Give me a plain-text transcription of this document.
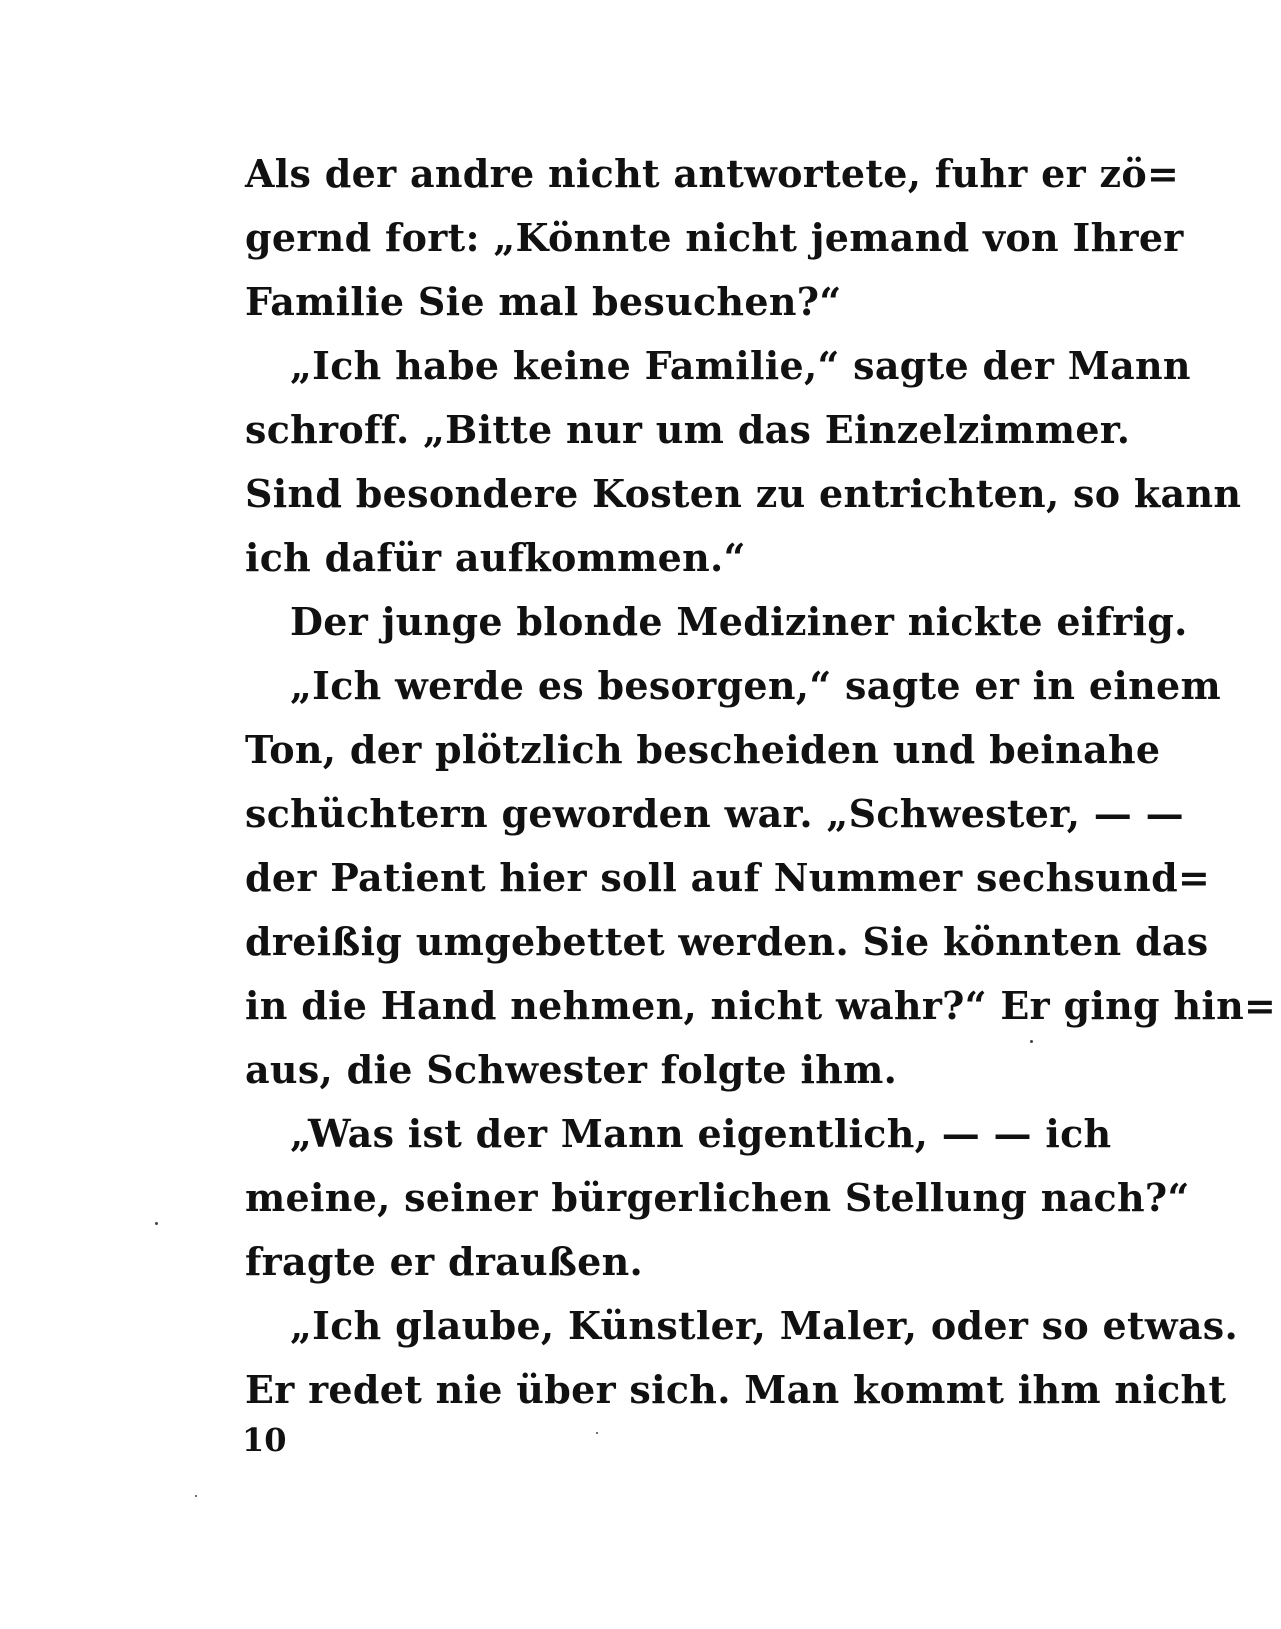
Als der andre nicht antwortete, fuhr er zö=
gernd fort: „Könnte nicht jemand von Ihrer
Familie Sie mal besuchen?“
„Ich habe keine Familie,“ sagte der Mann
schroff. „Bitte nur um das Einzelzimmer.
Sind besondere Kosten zu entrichten, so kann
ich dafür aufkommen.“
Der junge blonde Mediziner nickte eifrig.
„Ich werde es besorgen,“ sagte er in einem
Ton, der plötzlich bescheiden und beinahe
schüchtern geworden war. „Schwester, — —
der Patient hier soll auf Nummer sechsund=
dreißig umgebettet werden. Sie könnten das
in die Hand nehmen, nicht wahr?“ Er ging hin=
aus, die Schwester folgte ihm.
„Was ist der Mann eigentlich, — — ich
meine, seiner bürgerlichen Stellung nach?“
fragte er draußen.
„Ich glaube, Künstler, Maler, oder so etwas.
Er redet nie über sich. Man kommt ihm nicht
10
